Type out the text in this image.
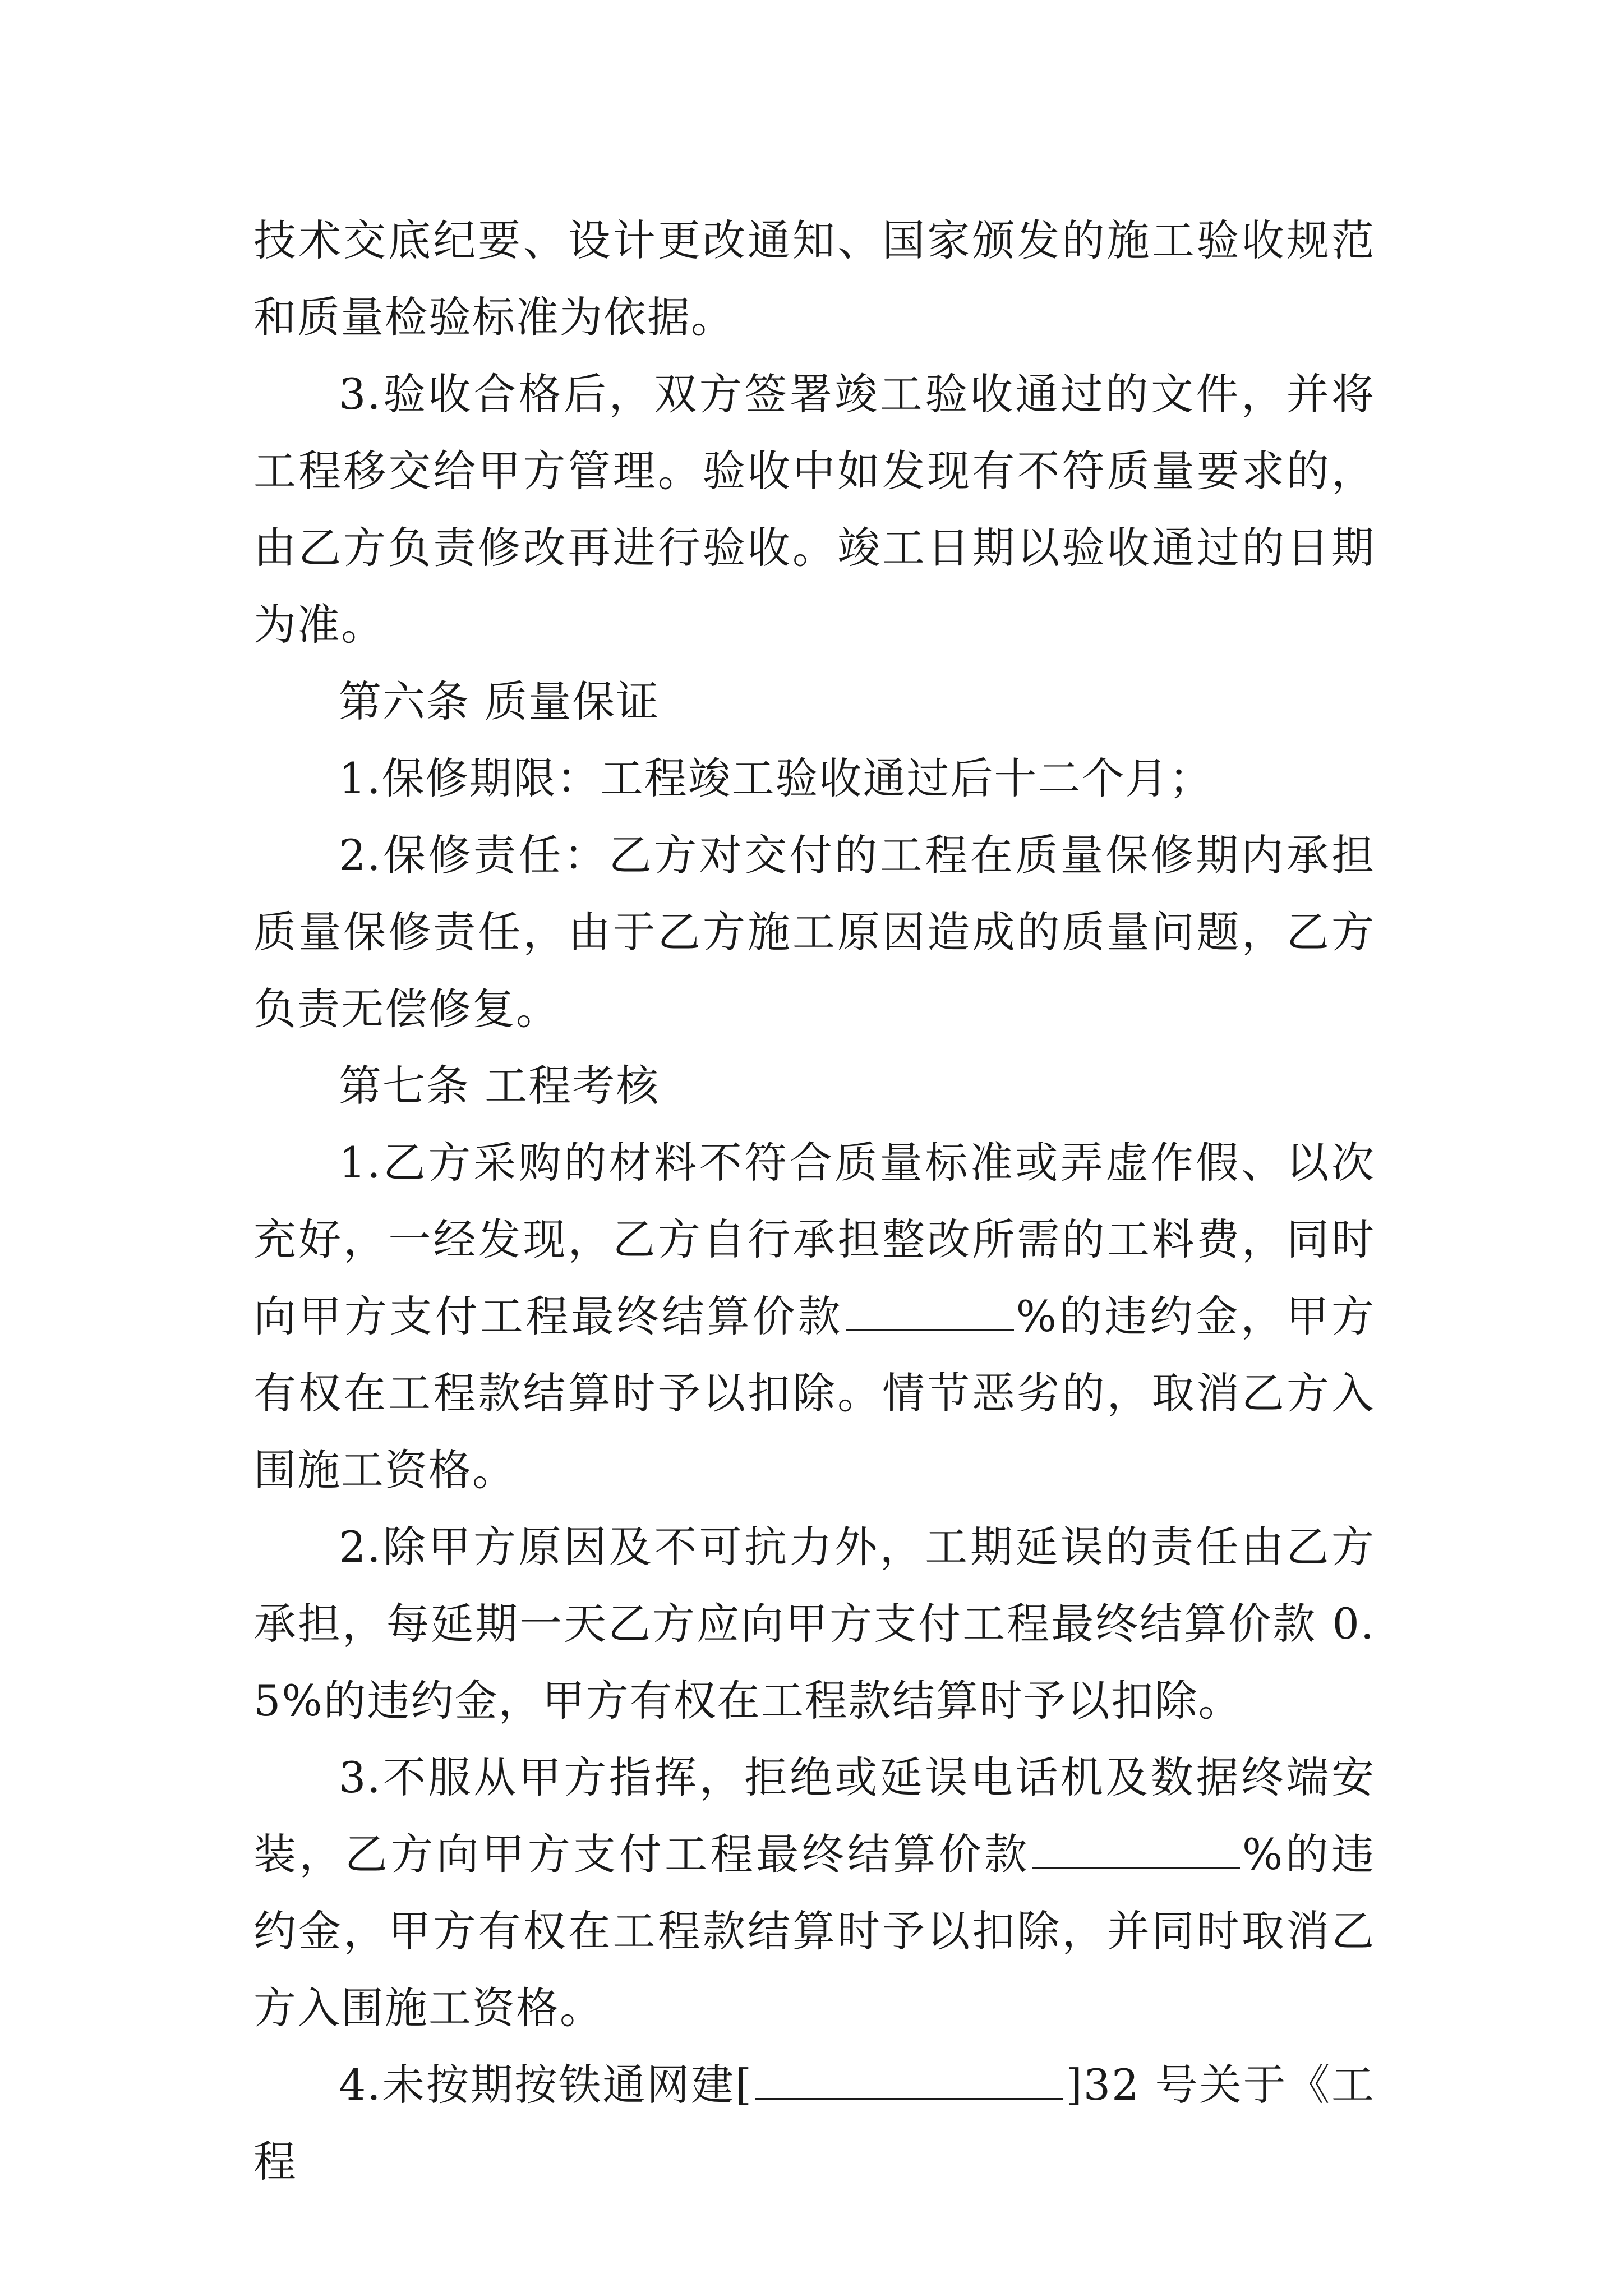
技术交底纪要、设计更改通知、国家颁发的施工验收规范和质量检验标准为依据。

3.验收合格后，双方签署竣工验收通过的文件，并将工程移交给甲方管理。验收中如发现有不符质量要求的，由乙方负责修改再进行验收。竣工日期以验收通过的日期为准。

第六条 质量保证

1.保修期限：工程竣工验收通过后十二个月；

2.保修责任：乙方对交付的工程在质量保修期内承担质量保修责任，由于乙方施工原因造成的质量问题，乙方负责无偿修复。

第七条 工程考核

1.乙方采购的材料不符合质量标准或弄虚作假、以次充好，一经发现，乙方自行承担整改所需的工料费，同时向甲方支付工程最终结算价款	%的违约金，甲方有权在工程款结算时予以扣除。情节恶劣的，取消乙方入围施工资格。

2.除甲方原因及不可抗力外，工期延误的责任由乙方承担，每延期一天乙方应向甲方支付工程最终结算价款 0.5%的违约金，甲方有权在工程款结算时予以扣除。

3.不服从甲方指挥，拒绝或延误电话机及数据终端安装，乙方向甲方支付工程最终结算价款	%的违约金，甲方有权在工程款结算时予以扣除，并同时取消乙方入围施工资格。

4.未按期按铁通网建[	]32 号关于《工程
